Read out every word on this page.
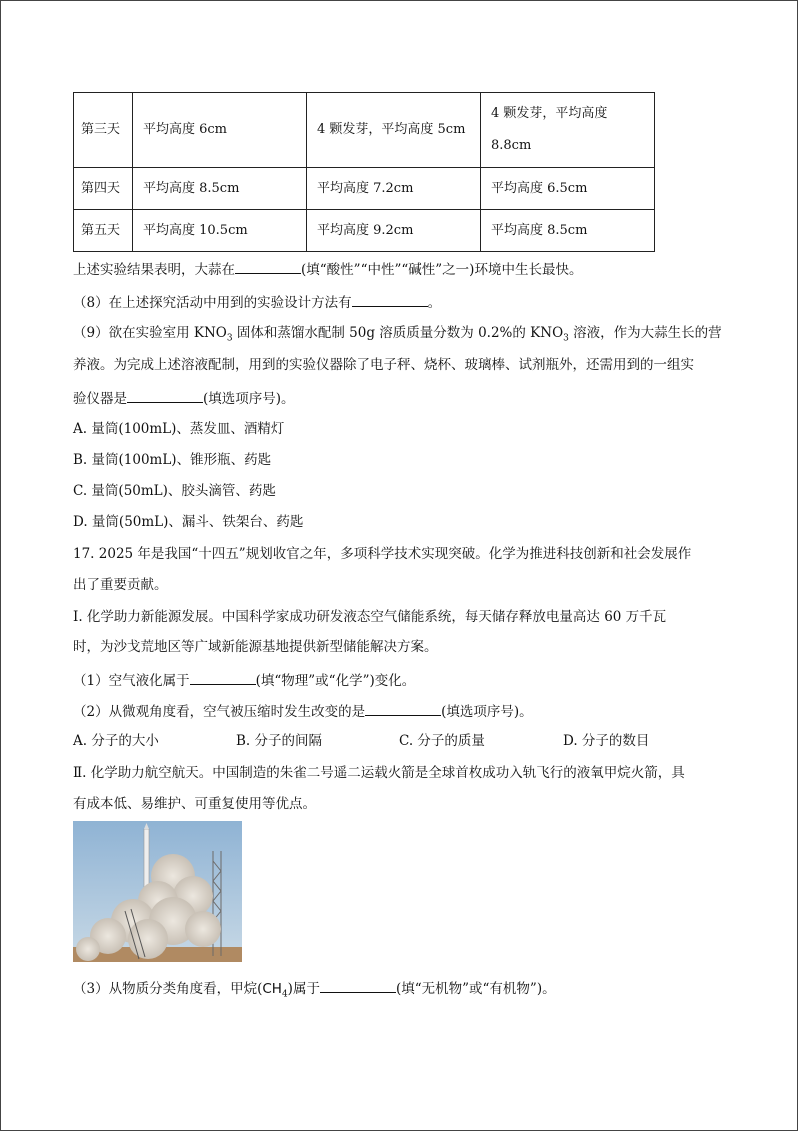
第三天	平均高度 6cm	4 颗发芽，平均高度 5cm	4 颗发芽，平均高度 8.8cm
第四天	平均高度 8.5cm	平均高度 7.2cm	平均高度 6.5cm
第五天	平均高度 10.5cm	平均高度 9.2cm	平均高度 8.5cm
上述实验结果表明，大蒜在	(填“酸性”“中性”“碱性”之一)环境中生长最快。
（8）在上述探究活动中用到的实验设计方法有	。
（9）欲在实验室用 $KNO_3$ 固体和蒸馏水配制 50g 溶质质量分数为 0.2%的 $KNO_3$ 溶液，作为大蒜生长的营
养液。为完成上述溶液配制，用到的实验仪器除了电子秤、烧杯、玻璃棒、试剂瓶外，还需用到的一组实
验仪器是	(填选项序号)。
A. 量筒(100mL)、蒸发皿、酒精灯
B. 量筒(100mL)、锥形瓶、药匙
C. 量筒(50mL)、胶头滴管、药匙
D. 量筒(50mL)、漏斗、铁架台、药匙
17. 2025 年是我国“十四五”规划收官之年，多项科学技术实现突破。化学为推进科技创新和社会发展作
出了重要贡献。
Ⅰ. 化学助力新能源发展。中国科学家成功研发液态空气储能系统，每天储存释放电量高达 60 万千瓦
时，为沙戈荒地区等广域新能源基地提供新型储能解决方案。
（1）空气液化属于	(填“物理”或“化学”)变化。
（2）从微观角度看，空气被压缩时发生改变的是	(填选项序号)。
A. 分子的大小	B. 分子的间隔	C. 分子的质量	D. 分子的数目
Ⅱ. 化学助力航空航天。中国制造的朱雀二号遥二运载火箭是全球首枚成功入轨飞行的液氧甲烷火箭，具
有成本低、易维护、可重复使用等优点。
（3）从物质分类角度看，甲烷$(CH_4)$属于	(填“无机物”或“有机物”)。
